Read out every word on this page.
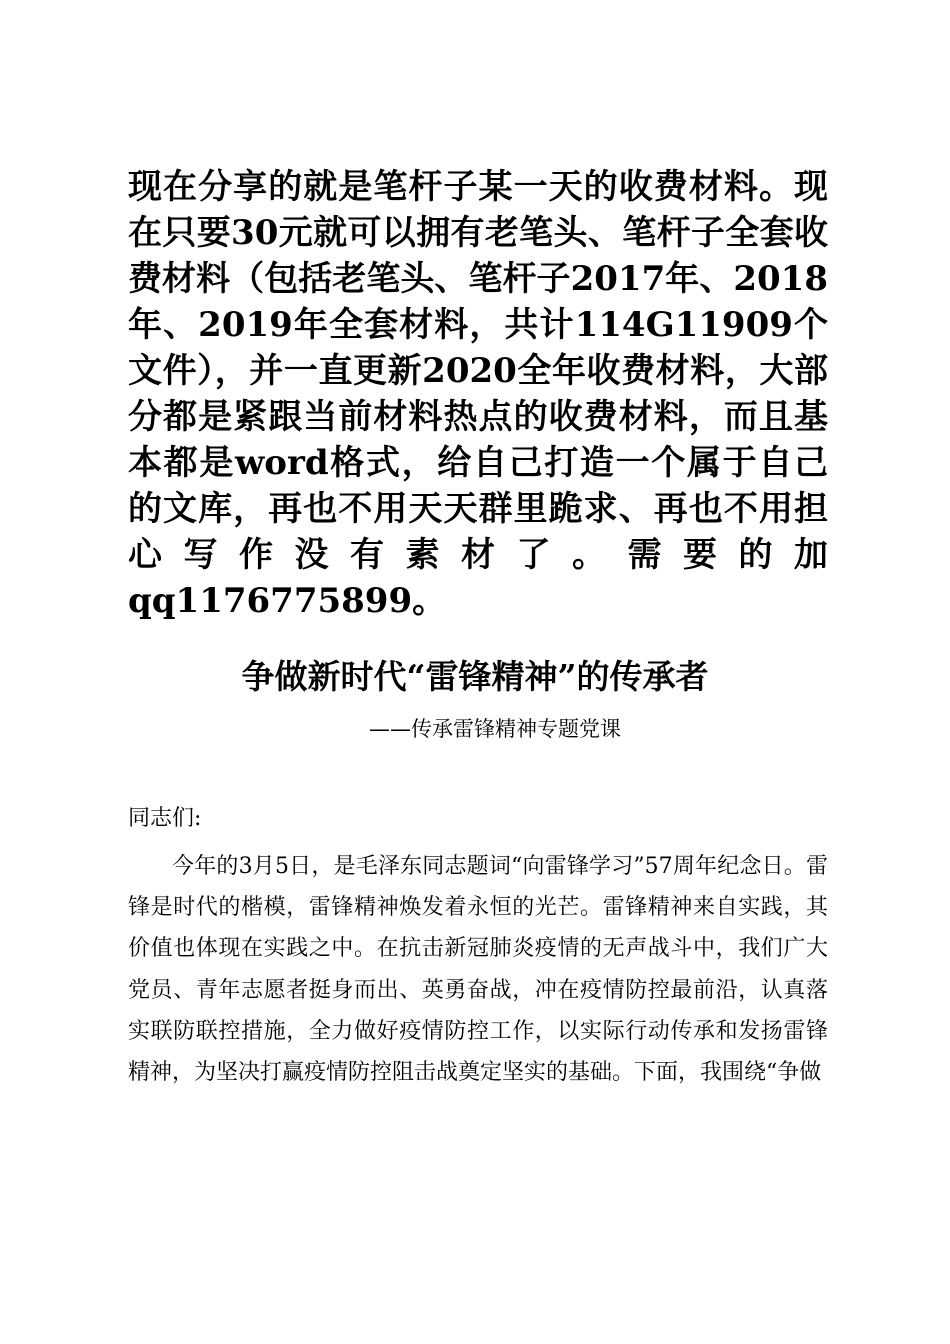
现在分享的就是笔杆子某一天的收费材料。现在只要30元就可以拥有老笔头、笔杆子全套收费材料（包括老笔头、笔杆子2017年、2018年、2019年全套材料，共计114G11909个文件），并一直更新2020全年收费材料，大部分都是紧跟当前材料热点的收费材料，而且基本都是word格式，给自己打造一个属于自己的文库，再也不用天天群里跪求、再也不用担心写作没有素材了。需要的加qq1176775899。

争做新时代“雷锋精神”的传承者

——传承雷锋精神专题党课

同志们:

今年的3月5日，是毛泽东同志题词“向雷锋学习”57周年纪念日。雷锋是时代的楷模，雷锋精神焕发着永恒的光芒。雷锋精神来自实践，其价值也体现在实践之中。在抗击新冠肺炎疫情的无声战斗中，我们广大党员、青年志愿者挺身而出、英勇奋战，冲在疫情防控最前沿，认真落实联防联控措施，全力做好疫情防控工作，以实际行动传承和发扬雷锋精神，为坚决打赢疫情防控阻击战奠定坚实的基础。下面，我围绕“争做
